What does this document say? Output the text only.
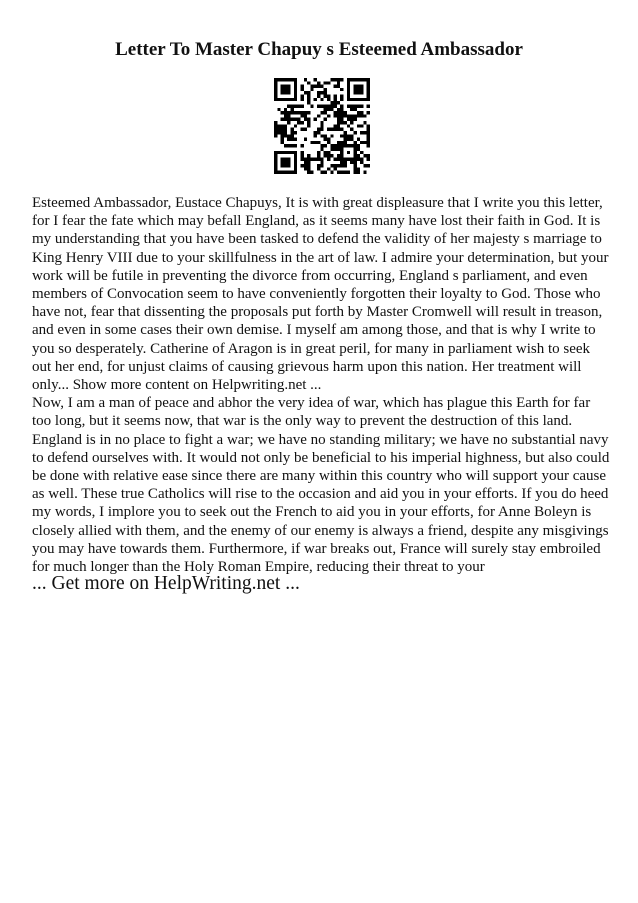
Letter To Master Chapuy s Esteemed Ambassador

Esteemed Ambassador, Eustace Chapuys, It is with great displeasure that I write you this letter, for I fear the fate which may befall England, as it seems many have lost their faith in God. It is my understanding that you have been tasked to defend the validity of her majesty s marriage to King Henry VIII due to your skillfulness in the art of law. I admire your determination, but your work will be futile in preventing the divorce from occurring, England s parliament, and even members of Convocation seem to have conveniently forgotten their loyalty to God. Those who have not, fear that dissenting the proposals put forth by Master Cromwell will result in treason, and even in some cases their own demise. I myself am among those, and that is why I write to you so desperately. Catherine of Aragon is in great peril, for many in parliament wish to seek out her end, for unjust claims of causing grievous harm upon this nation. Her treatment will only... Show more content on Helpwriting.net ...

Now, I am a man of peace and abhor the very idea of war, which has plague this Earth for far too long, but it seems now, that war is the only way to prevent the destruction of this land. England is in no place to fight a war; we have no standing military; we have no substantial navy to defend ourselves with. It would not only be beneficial to his imperial highness, but also could be done with relative ease since there are many within this country who will support your cause as well. These true Catholics will rise to the occasion and aid you in your efforts. If you do heed my words, I implore you to seek out the French to aid you in your efforts, for Anne Boleyn is closely allied with them, and the enemy of our enemy is always a friend, despite any misgivings you may have towards them. Furthermore, if war breaks out, France will surely stay embroiled for much longer than the Holy Roman Empire, reducing their threat to your

... Get more on HelpWriting.net ...
